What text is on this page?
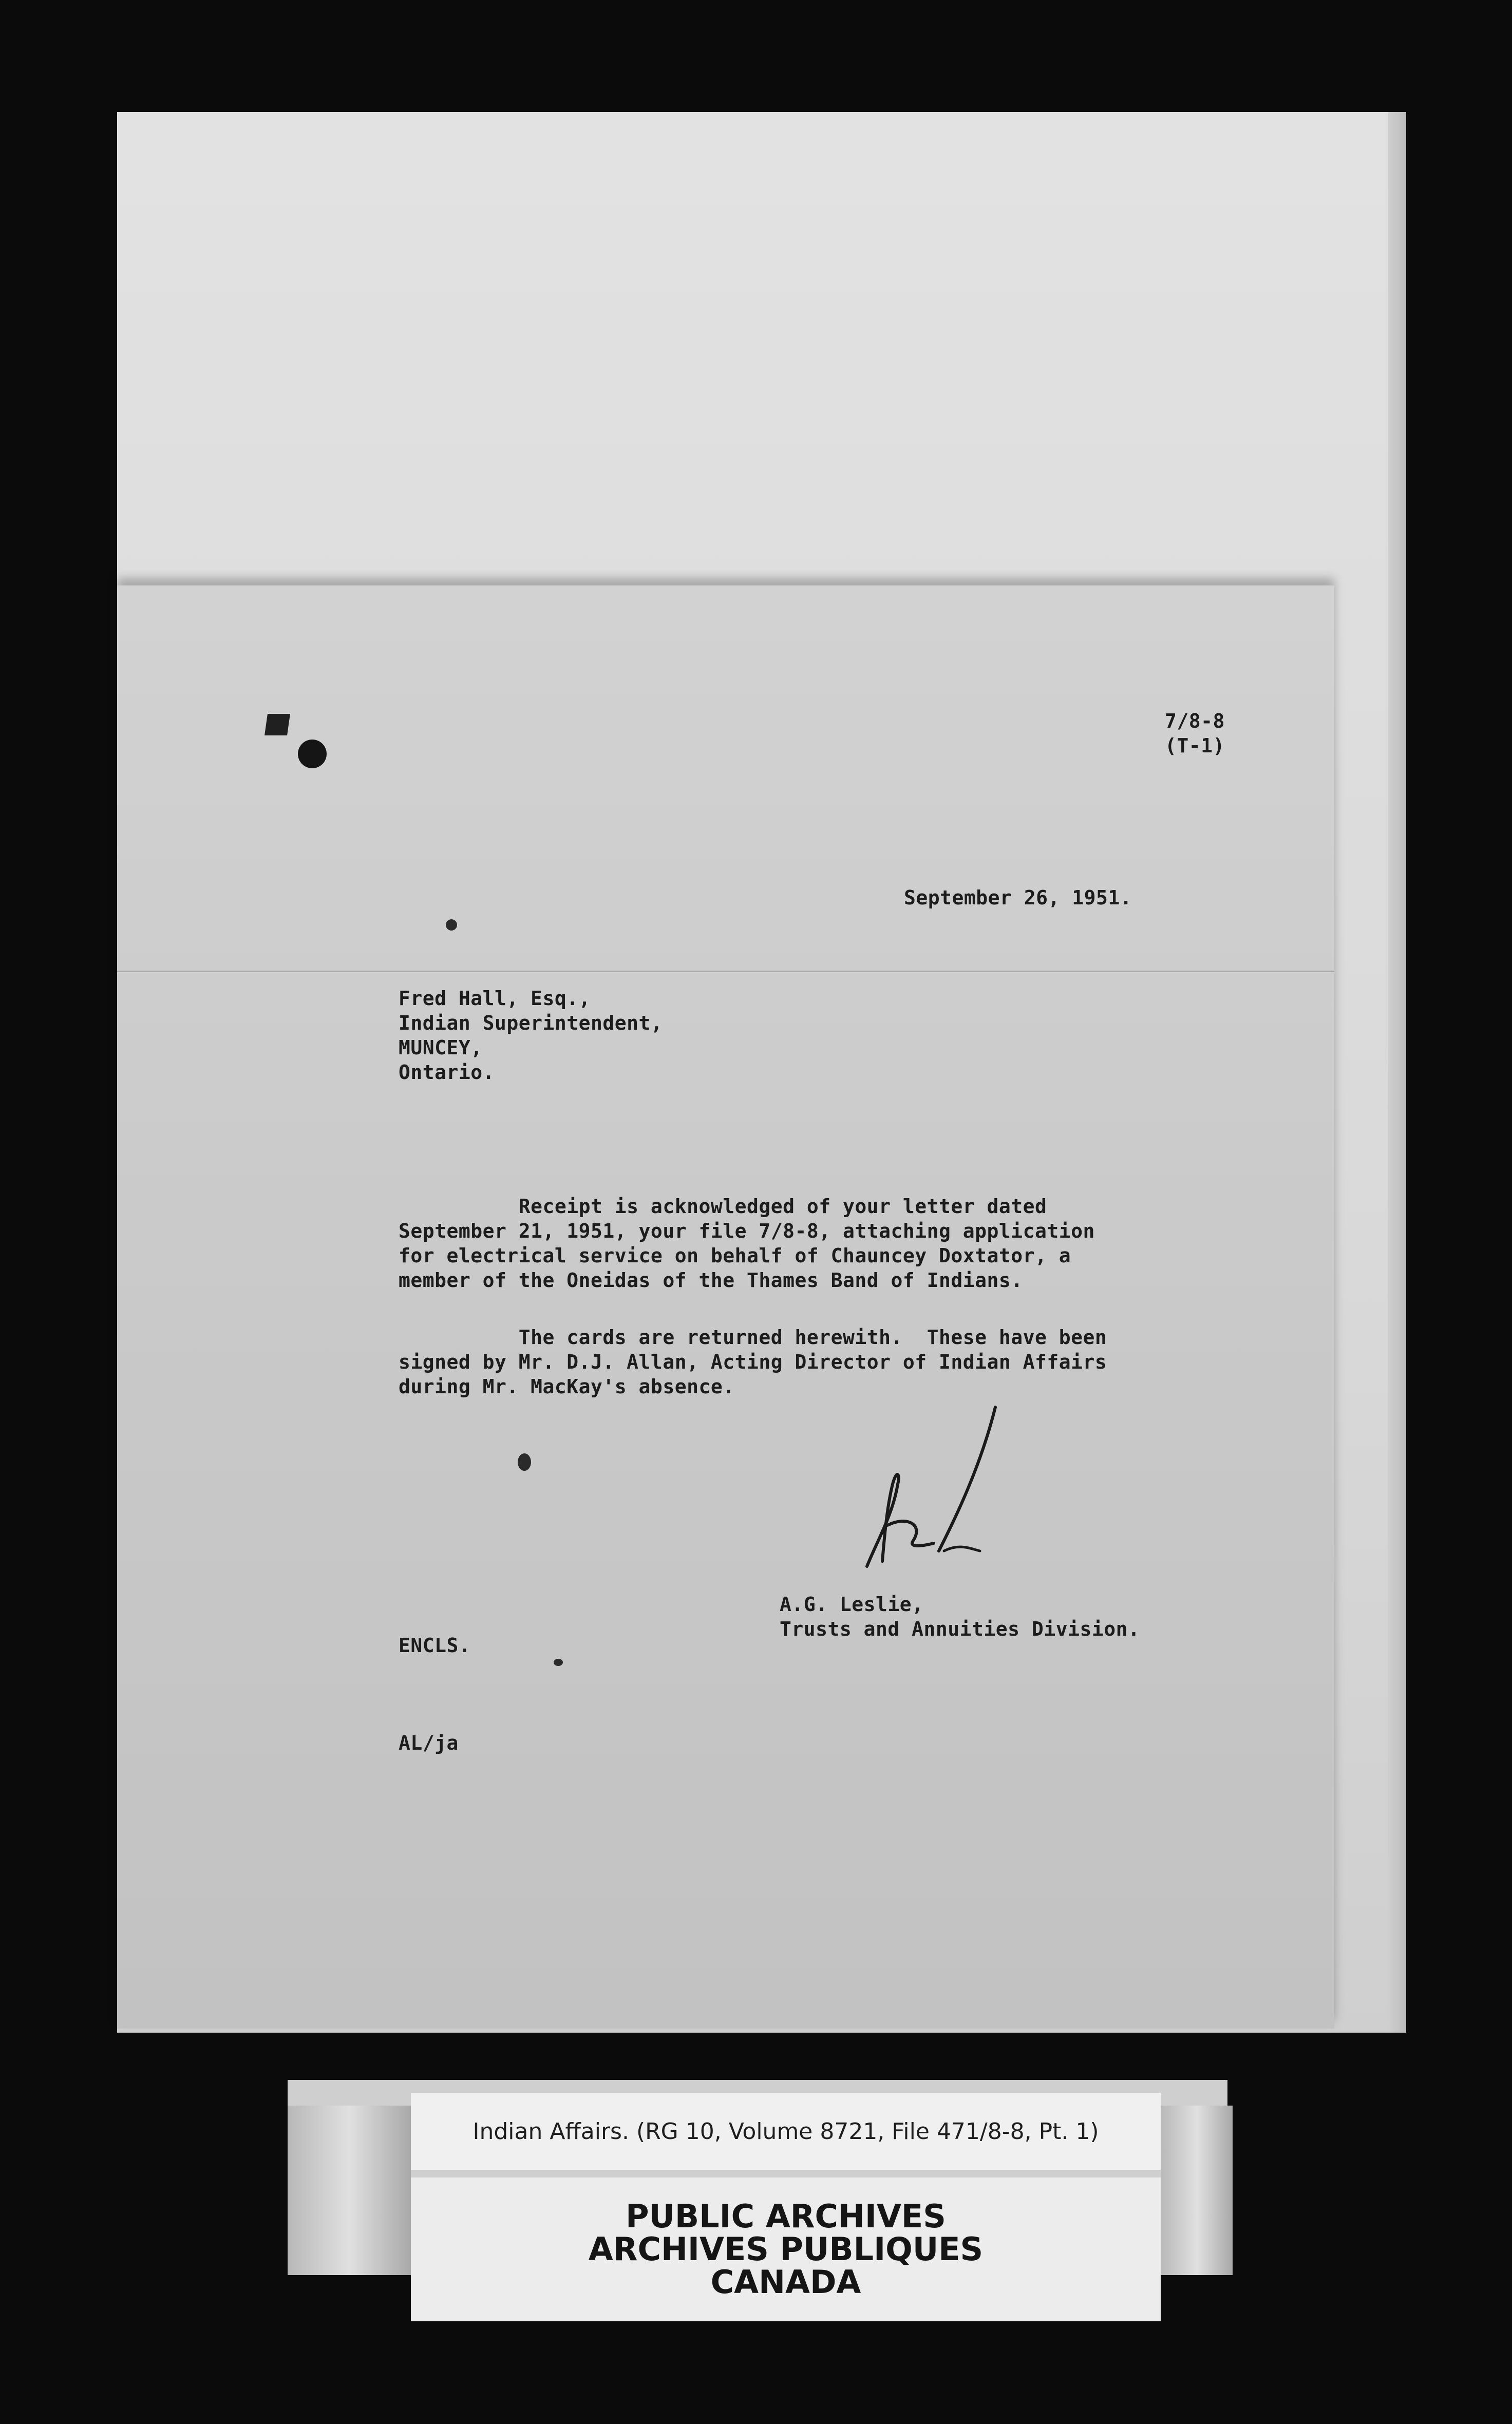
7/8-8
(T-1)
September 26, 1951.
Fred Hall, Esq.,
Indian Superintendent,
MUNCEY,
Ontario.
Receipt is acknowledged of your letter dated
September 21, 1951, your file 7/8-8, attaching application
for electrical service on behalf of Chauncey Doxtator, a
member of the Oneidas of the Thames Band of Indians.
The cards are returned herewith.  These have been
signed by Mr. D.J. Allan, Acting Director of Indian Affairs
during Mr. MacKay's absence.
A.G. Leslie,
Trusts and Annuities Division.
ENCLS.
AL/ja
Indian Affairs. (RG 10, Volume 8721, File 471/8-8, Pt. 1)
PUBLIC ARCHIVES
ARCHIVES PUBLIQUES
CANADA
